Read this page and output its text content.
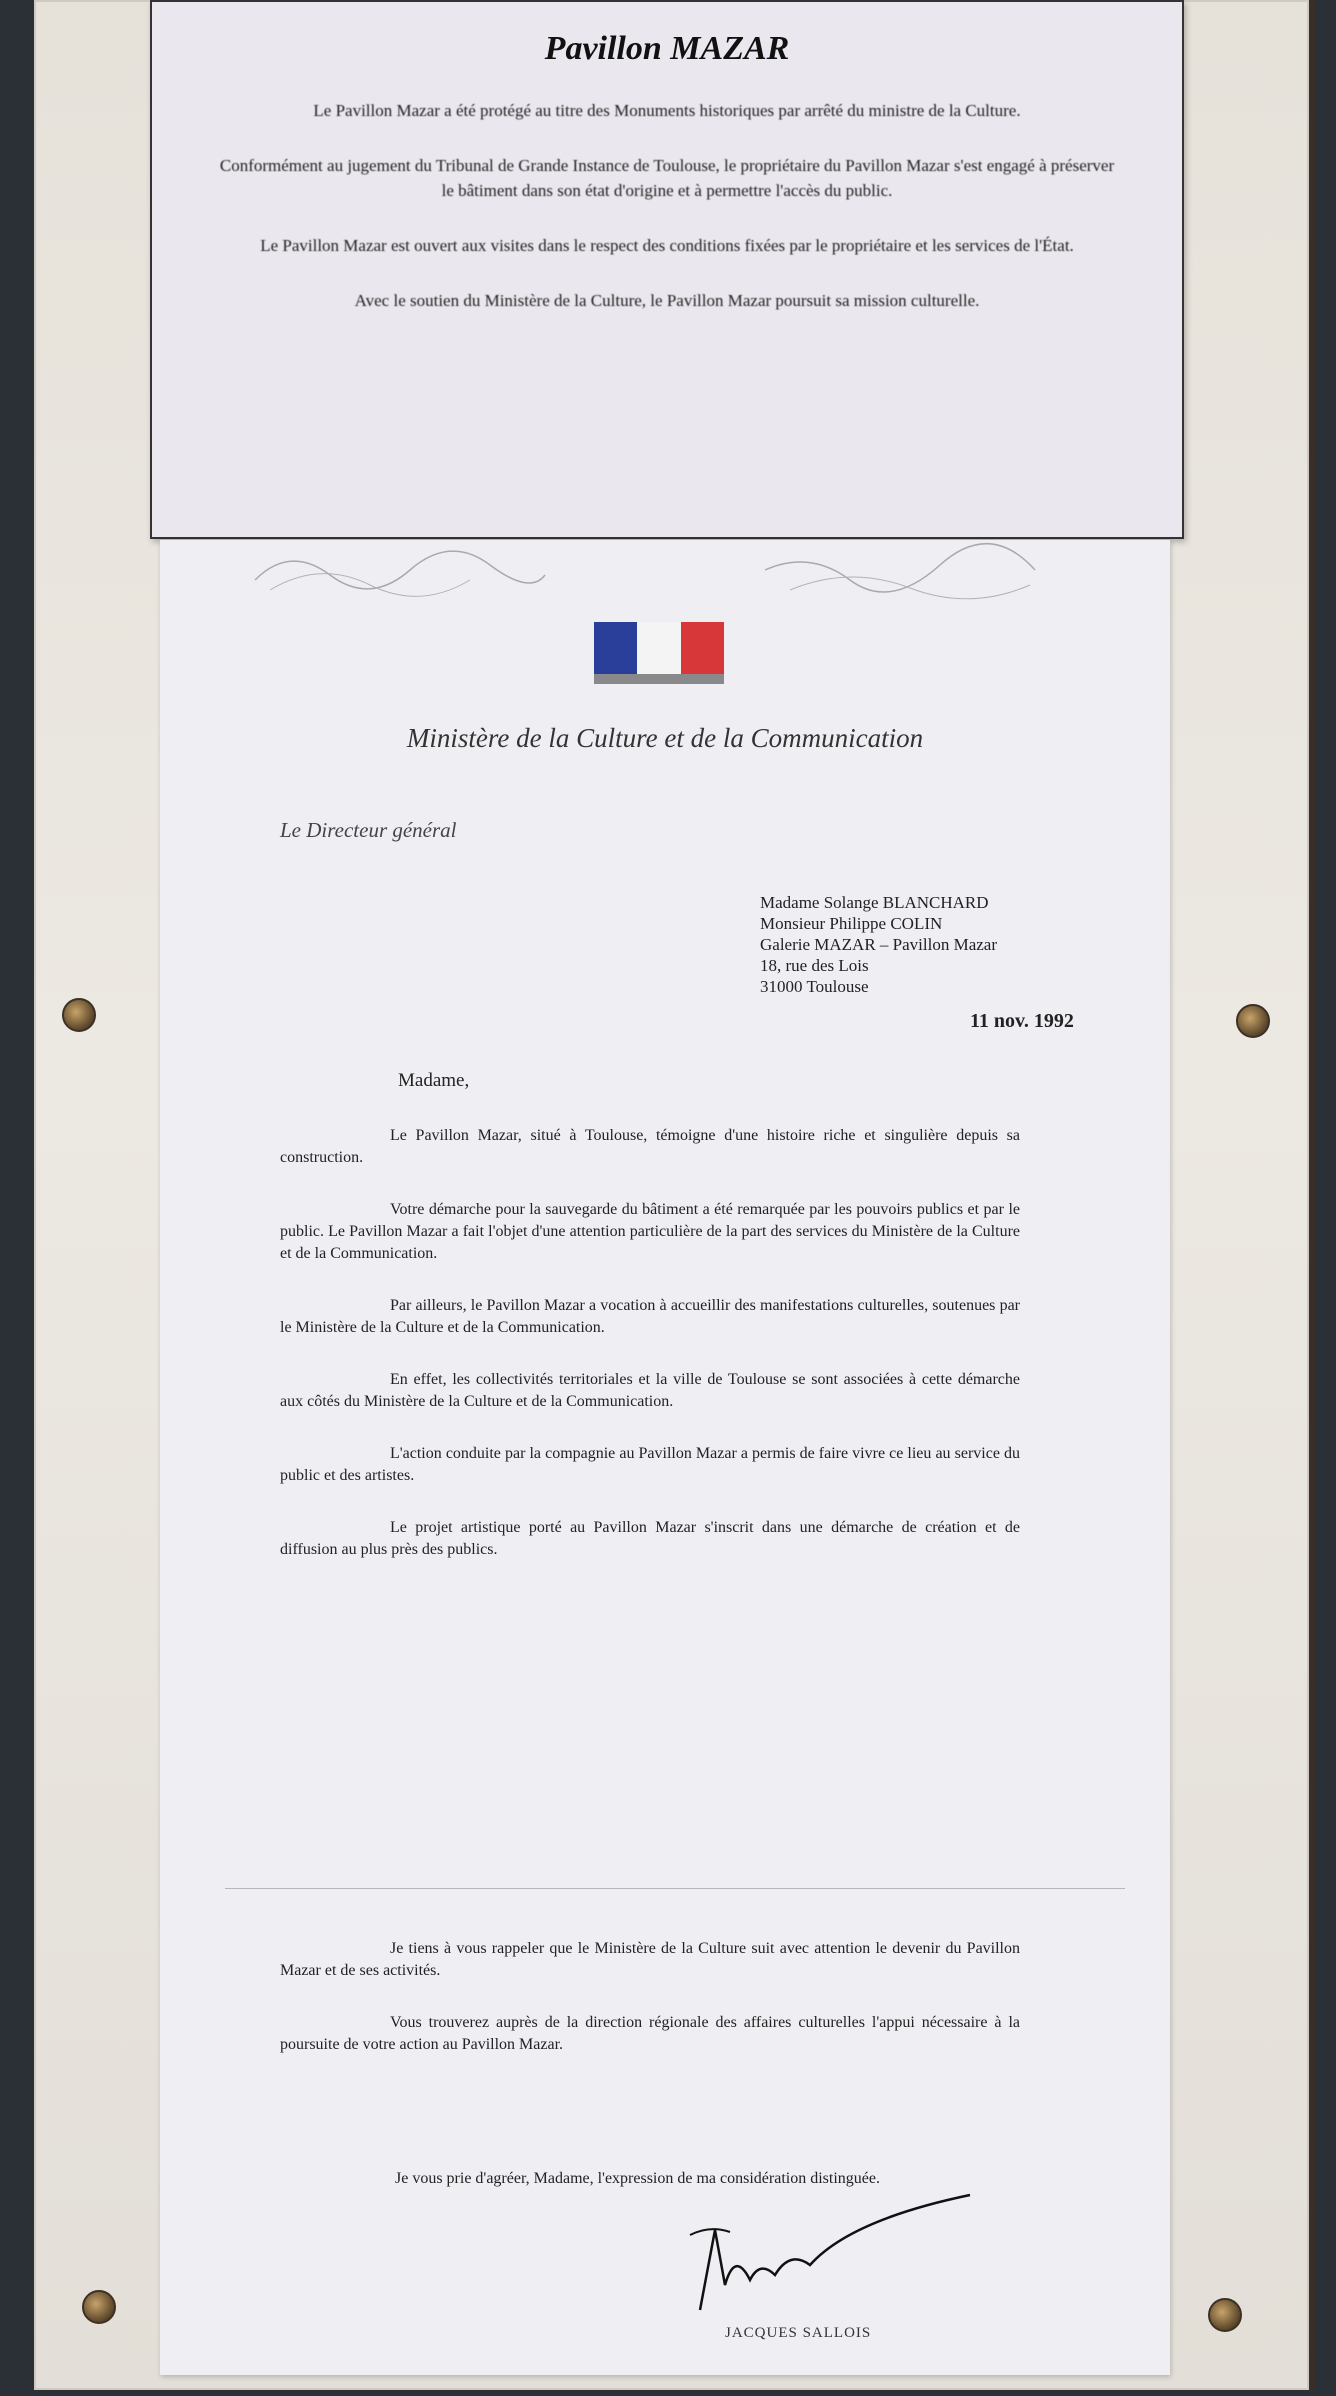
Pavillon MAZAR

Le Pavillon Mazar a été protégé au titre des Monuments historiques par arrêté du ministre de la Culture.

Conformément au jugement du Tribunal de Grande Instance de Toulouse, le propriétaire du Pavillon Mazar s'est engagé à préserver le bâtiment dans son état d'origine et à permettre l'accès du public.

Le Pavillon Mazar est ouvert aux visites dans le respect des conditions fixées par le propriétaire et les services de l'État.

Avec le soutien du Ministère de la Culture, le Pavillon Mazar poursuit sa mission culturelle.

Ministère de la Culture et de la Communication
Le Directeur général
Madame Solange BLANCHARD
Monsieur Philippe COLIN
Galerie MAZAR – Pavillon Mazar
18, rue des Lois
31000 Toulouse
11 nov. 1992
Madame,

Le Pavillon Mazar, situé à Toulouse, témoigne d'une histoire riche et singulière depuis sa construction.

Votre démarche pour la sauvegarde du bâtiment a été remarquée par les pouvoirs publics et par le public. Le Pavillon Mazar a fait l'objet d'une attention particulière de la part des services du Ministère de la Culture et de la Communication.

Par ailleurs, le Pavillon Mazar a vocation à accueillir des manifestations culturelles, soutenues par le Ministère de la Culture et de la Communication.

En effet, les collectivités territoriales et la ville de Toulouse se sont associées à cette démarche aux côtés du Ministère de la Culture et de la Communication.

L'action conduite par la compagnie au Pavillon Mazar a permis de faire vivre ce lieu au service du public et des artistes.

Le projet artistique porté au Pavillon Mazar s'inscrit dans une démarche de création et de diffusion au plus près des publics.

Je tiens à vous rappeler que le Ministère de la Culture suit avec attention le devenir du Pavillon Mazar et de ses activités.

Vous trouverez auprès de la direction régionale des affaires culturelles l'appui nécessaire à la poursuite de votre action au Pavillon Mazar.

Je vous prie d'agréer, Madame, l'expression de ma considération distinguée.
JACQUES SALLOIS
